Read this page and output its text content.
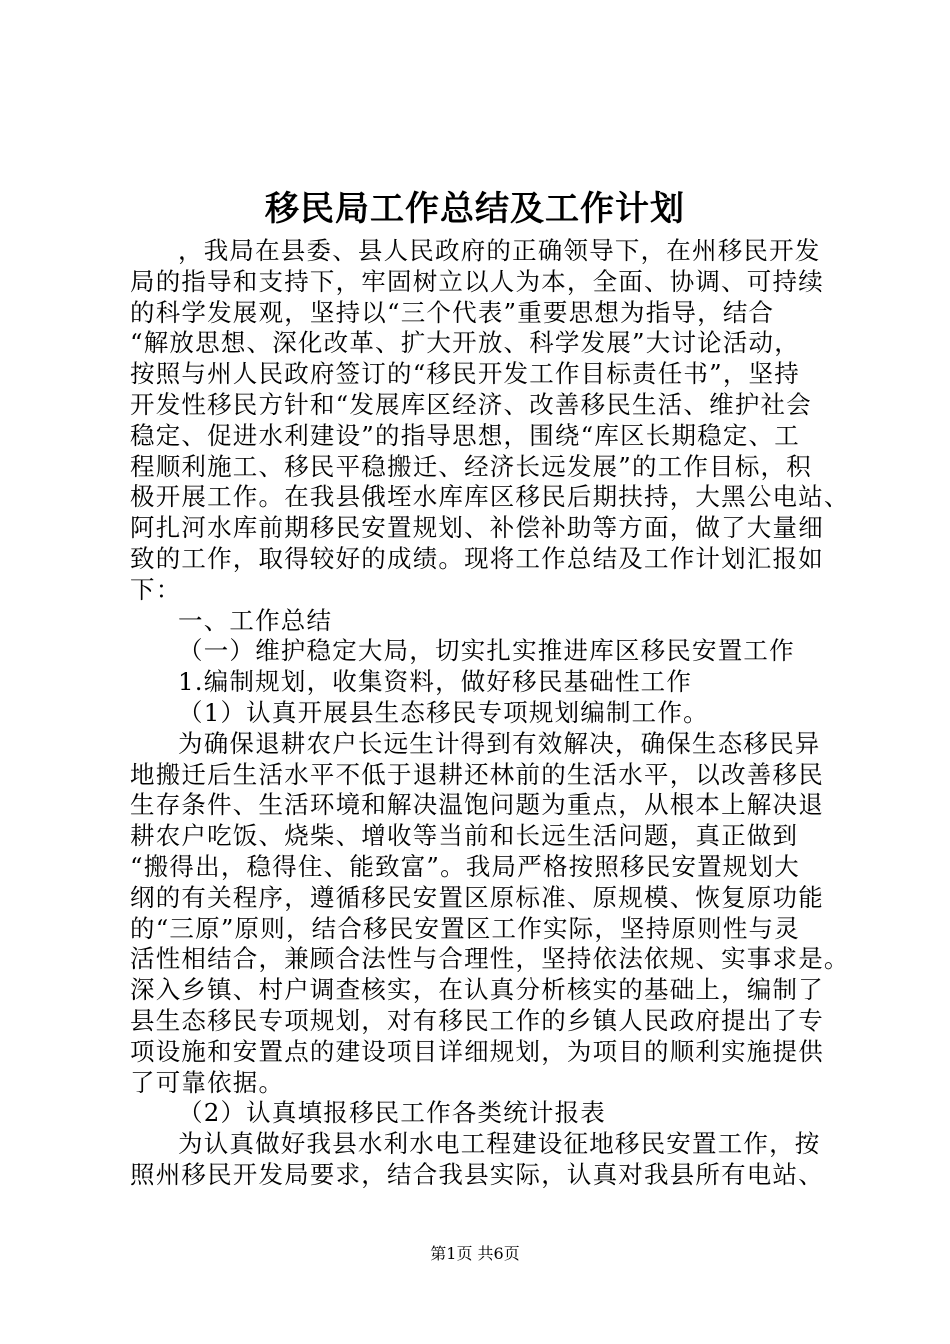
移民局工作总结及工作计划
，我局在县委、县人民政府的正确领导下，在州移民开发
局的指导和支持下，牢固树立以人为本，全面、协调、可持续
的科学发展观，坚持以“三个代表”重要思想为指导，结合
“解放思想、深化改革、扩大开放、科学发展”大讨论活动，
按照与州人民政府签订的“移民开发工作目标责任书”，坚持
开发性移民方针和“发展库区经济、改善移民生活、维护社会
稳定、促进水利建设”的指导思想，围绕“库区长期稳定、工
程顺利施工、移民平稳搬迁、经济长远发展”的工作目标，积
极开展工作。在我县俄垤水库库区移民后期扶持，大黑公电站、
阿扎河水库前期移民安置规划、补偿补助等方面，做了大量细
致的工作，取得较好的成绩。现将工作总结及工作计划汇报如
下：
一、工作总结
（一）维护稳定大局，切实扎实推进库区移民安置工作
1.编制规划，收集资料，做好移民基础性工作
（1）认真开展县生态移民专项规划编制工作。
为确保退耕农户长远生计得到有效解决，确保生态移民异
地搬迁后生活水平不低于退耕还林前的生活水平，以改善移民
生存条件、生活环境和解决温饱问题为重点，从根本上解决退
耕农户吃饭、烧柴、增收等当前和长远生活问题，真正做到
“搬得出，稳得住、能致富”。我局严格按照移民安置规划大
纲的有关程序，遵循移民安置区原标准、原规模、恢复原功能
的“三原”原则，结合移民安置区工作实际，坚持原则性与灵
活性相结合，兼顾合法性与合理性，坚持依法依规、实事求是。
深入乡镇、村户调查核实，在认真分析核实的基础上，编制了
县生态移民专项规划，对有移民工作的乡镇人民政府提出了专
项设施和安置点的建设项目详细规划，为项目的顺利实施提供
了可靠依据。
（2）认真填报移民工作各类统计报表
为认真做好我县水利水电工程建设征地移民安置工作，按
照州移民开发局要求，结合我县实际，认真对我县所有电站、
第1页 共6页
